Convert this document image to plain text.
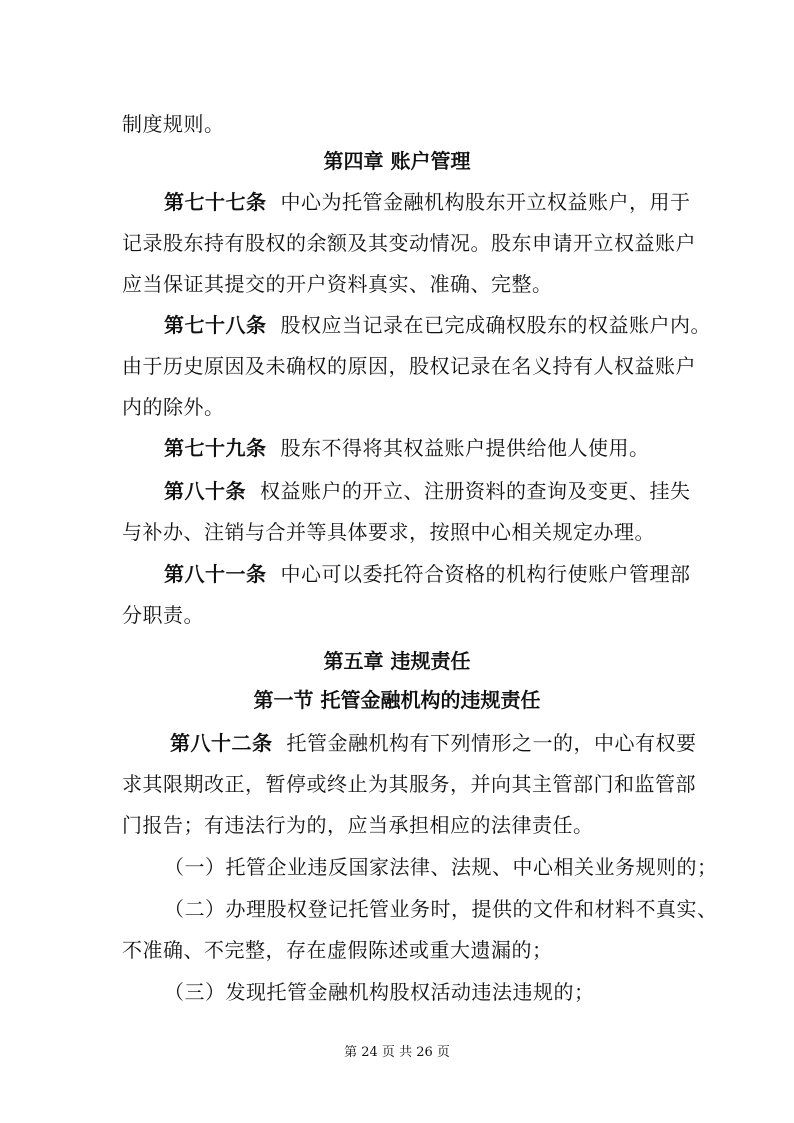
制度规则。
第四章 账户管理
第七十七条 中心为托管金融机构股东开立权益账户，用于
记录股东持有股权的余额及其变动情况。股东申请开立权益账户
应当保证其提交的开户资料真实、准确、完整。
第七十八条 股权应当记录在已完成确权股东的权益账户内。
由于历史原因及未确权的原因，股权记录在名义持有人权益账户
内的除外。
第七十九条 股东不得将其权益账户提供给他人使用。
第八十条 权益账户的开立、注册资料的查询及变更、挂失
与补办、注销与合并等具体要求，按照中心相关规定办理。
第八十一条 中心可以委托符合资格的机构行使账户管理部
分职责。
第五章 违规责任
第一节 托管金融机构的违规责任
第八十二条 托管金融机构有下列情形之一的，中心有权要
求其限期改正，暂停或终止为其服务，并向其主管部门和监管部
门报告；有违法行为的，应当承担相应的法律责任。
（一）托管企业违反国家法律、法规、中心相关业务规则的；
（二）办理股权登记托管业务时，提供的文件和材料不真实、
不准确、不完整，存在虚假陈述或重大遗漏的；
（三）发现托管金融机构股权活动违法违规的；
第 24 页 共 26 页
